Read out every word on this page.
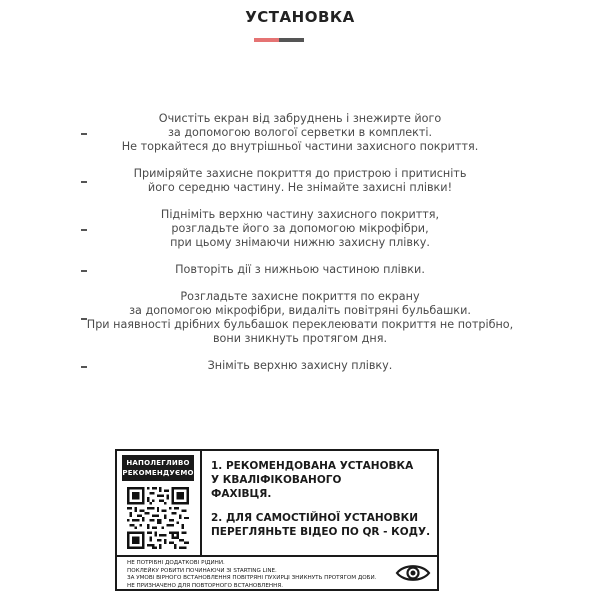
УСТАНОВКА
Очистіть екран від забруднень і знежирте його
за допомогою вологої серветки в комплекті.
Не торкайтеся до внутрішньої частини захисного покриття.
Приміряйте захисне покриття до пристрою і притисніть
його середню частину. Не знімайте захисні плівки!
Підніміть верхню частину захисного покриття,
розгладьте його за допомогою мікрофібри,
при цьому знімаючи нижню захисну плівку.
Повторіть дії з нижньою частиною плівки.
Розгладьте захисне покриття по екрану
за допомогою мікрофібри, видаліть повітряні бульбашки.
При наявності дрібних бульбашок переклеювати покриття не потрібно,
вони зникнуть протягом дня.
Зніміть верхню захисну плівку.
НАПОЛЕГЛИВО
РЕКОМЕНДУЄМО
1. РЕКОМЕНДОВАНА УСТАНОВКА
У КВАЛІФІКОВАНОГО
ФАХІВЦЯ.
2. ДЛЯ САМОСТІЙНОЇ УСТАНОВКИ
ПЕРЕГЛЯНЬТЕ ВІДЕО ПО QR - КОДУ.
НЕ ПОТРІБНІ ДОДАТКОВІ РІДИНИ.
ПОКЛЕЙКУ РОБИТИ ПОЧИНАЮЧИ ЗІ STARTING LINE.
ЗА УМОВІ ВІРНОГО ВСТАНОВЛЕННЯ ПОВІТРЯНІ ПУХИРЦІ ЗНИКНУТЬ ПРОТЯГОМ ДОБИ.
НЕ ПРИЗНАЧЕНО ДЛЯ ПОВТОРНОГО ВСТАНОВЛЕННЯ.
